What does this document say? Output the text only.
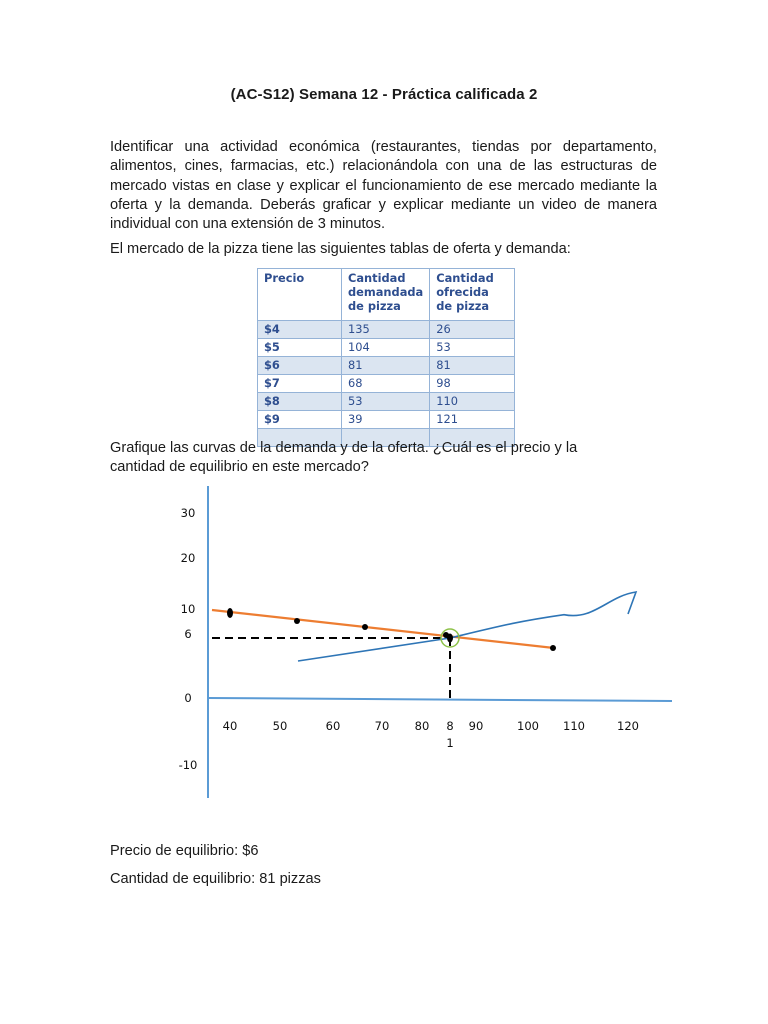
(AC-S12) Semana 12 - Práctica calificada 2

Identificar una actividad económica (restaurantes, tiendas por departamento, alimentos, cines, farmacias, etc.) relacionándola con una de las estructuras de mercado vistas en clase y explicar el funcionamiento de ese mercado mediante la oferta y la demanda. Deberás graficar y explicar mediante un video de manera individual con una extensión de 3 minutos.

El mercado de la pizza tiene las siguientes tablas de oferta y demanda:

Precio	Cantidad demandada de pizza	Cantidad ofrecida de pizza
$4	135	26
$5	104	53
$6	81	81
$7	68	98
$8	53	110
$9	39	121

Grafique las curvas de la demanda y de la oferta. ¿Cuál es el precio y la cantidad de equilibrio en este mercado?

30
20
10
6
0
-10
40	50	60	70 80 8 1
90	100 110	120

Precio de equilibrio: $6

Cantidad de equilibrio: 81 pizzas
